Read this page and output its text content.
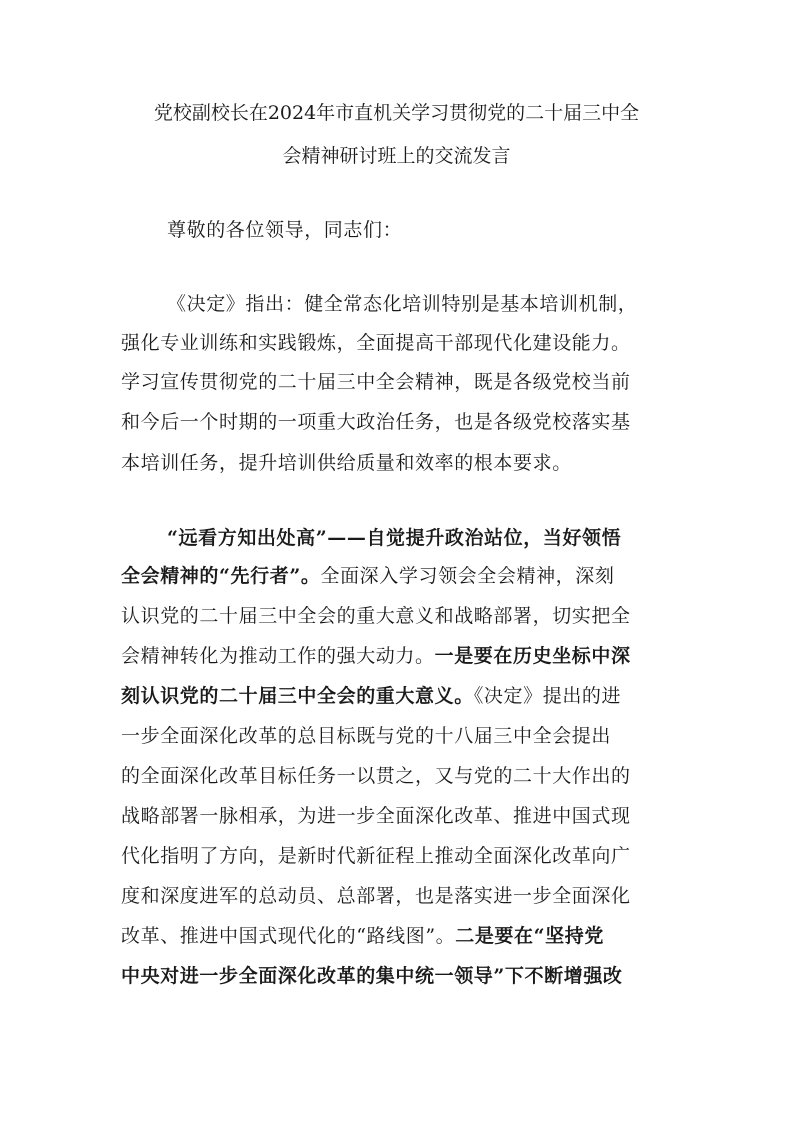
党校副校长在2024年市直机关学习贯彻党的二十届三中全
会精神研讨班上的交流发言
尊敬的各位领导，同志们：
《决定》指出：健全常态化培训特别是基本培训机制，
强化专业训练和实践锻炼，全面提高干部现代化建设能力。
学习宣传贯彻党的二十届三中全会精神，既是各级党校当前
和今后一个时期的一项重大政治任务，也是各级党校落实基
本培训任务，提升培训供给质量和效率的根本要求。
“远看方知出处高”——自觉提升政治站位，当好领悟
全会精神的“先行者”。全面深入学习领会全会精神，深刻
认识党的二十届三中全会的重大意义和战略部署，切实把全
会精神转化为推动工作的强大动力。一是要在历史坐标中深
刻认识党的二十届三中全会的重大意义。《决定》提出的进
一步全面深化改革的总目标既与党的十八届三中全会提出
的全面深化改革目标任务一以贯之，又与党的二十大作出的
战略部署一脉相承，为进一步全面深化改革、推进中国式现
代化指明了方向，是新时代新征程上推动全面深化改革向广
度和深度进军的总动员、总部署，也是落实进一步全面深化
改革、推进中国式现代化的“路线图”。二是要在“坚持党
中央对进一步全面深化改革的集中统一领导”下不断增强改
